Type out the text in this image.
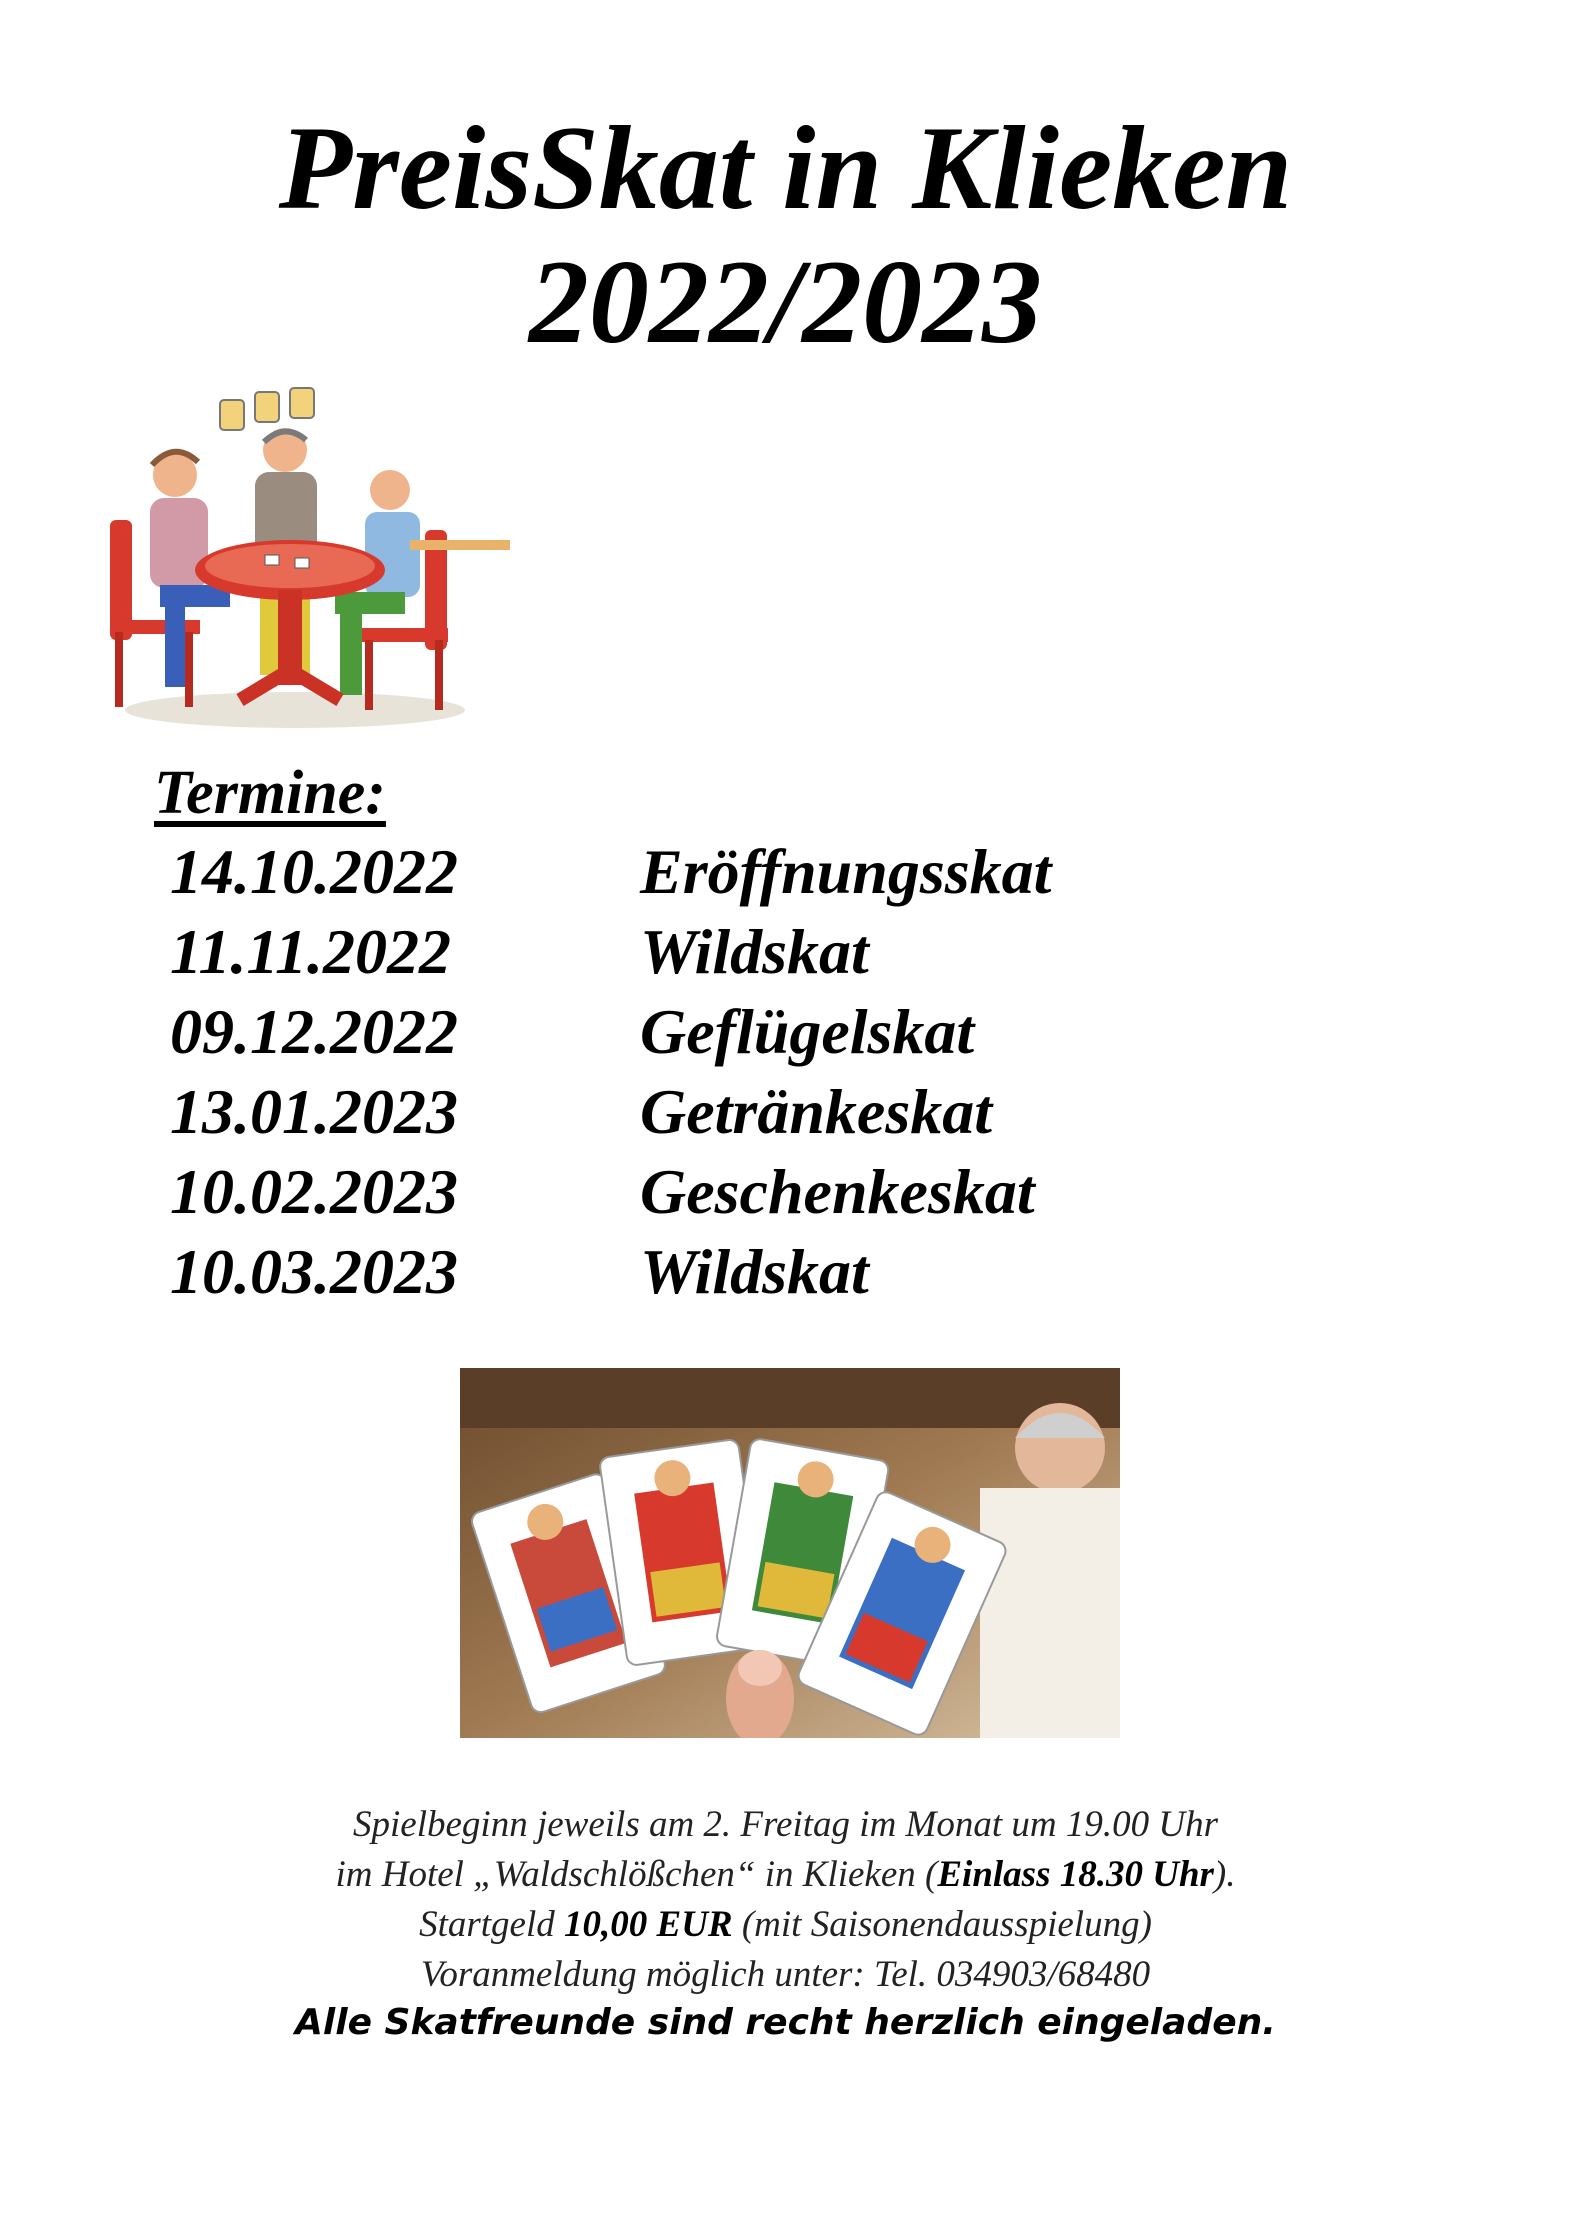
PreisSkat in Klieken
2022/2023
Termine:
14.10.2022	Eröffnungsskat
11.11.2022	Wildskat
09.12.2022	Geflügelskat
13.01.2023	Getränkeskat
10.02.2023	Geschenkeskat
10.03.2023	Wildskat
Spielbeginn jeweils am 2. Freitag im Monat um 19.00 Uhr
im Hotel „Waldschlößchen“ in Klieken (Einlass 18.30 Uhr).
Startgeld 10,00 EUR (mit Saisonendausspielung)
Voranmeldung möglich unter: Tel. 034903/68480
Alle Skatfreunde sind recht herzlich eingeladen.
